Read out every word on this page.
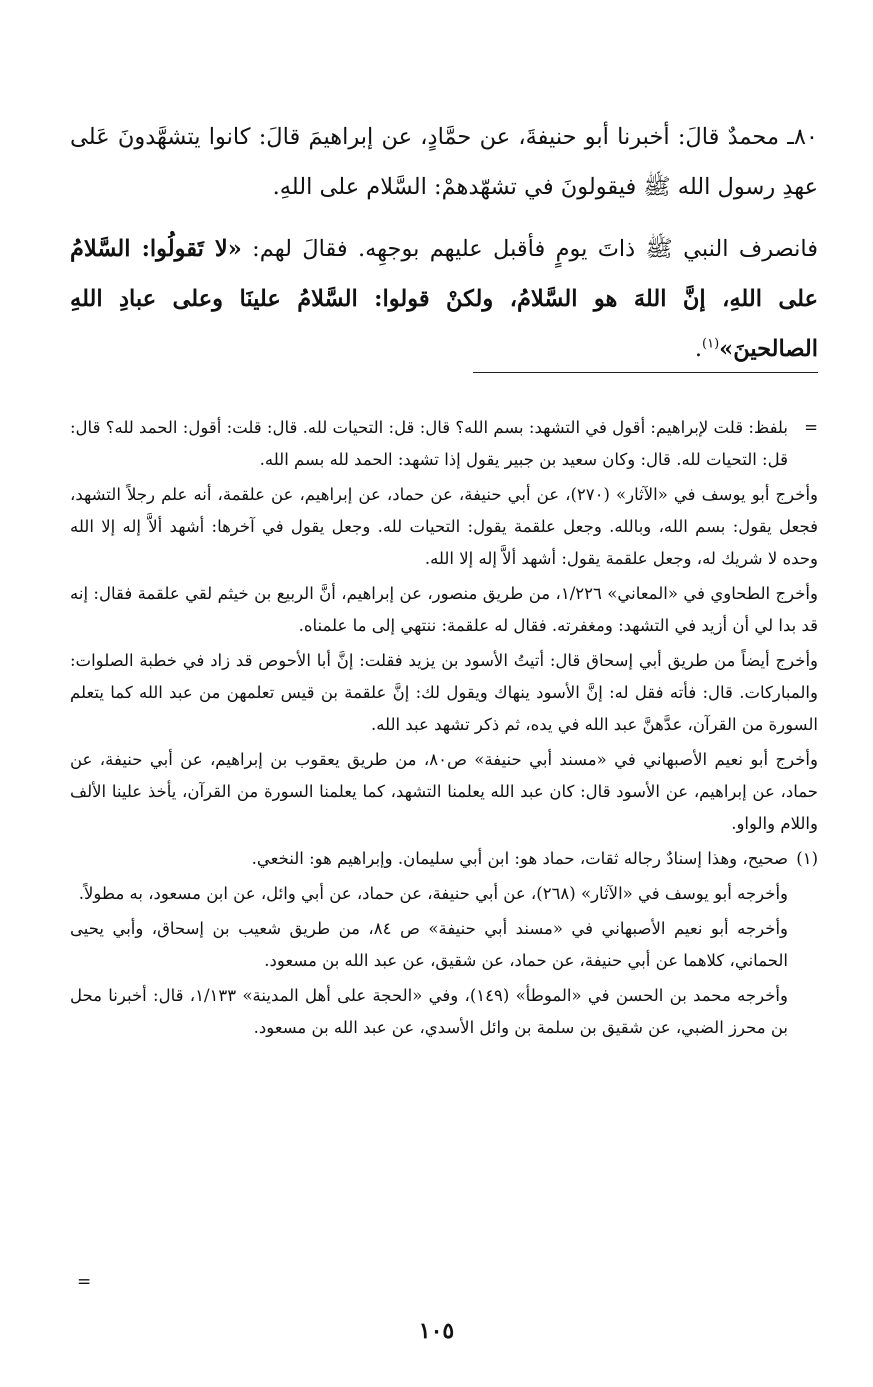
٨٠ـ محمدٌ قالَ: أخبرنا أبو حنيفةَ، عن حمَّادٍ، عن إبراهيمَ قالَ: كانوا يتشهَّدونَ عَلى عهدِ رسول الله ﷺ فيقولونَ في تشهّدهمْ: السَّلام على اللهِ.

فانصرف النبي ﷺ ذاتَ يومٍ فأقبل عليهم بوجهِه. فقالَ لهم: «لا تَقولُوا: السَّلامُ على اللهِ، إنَّ اللهَ هو السَّلامُ، ولكنْ قولوا: السَّلامُ علينَا وعلى عبادِ اللهِ الصالحينَ»$^{(١)}$.

=
بلفظ: قلت لإبراهيم: أقول في التشهد: بسم الله؟ قال: قل: التحيات لله. قال: قلت: أقول: الحمد لله؟ قال: قل: التحيات لله. قال: وكان سعيد بن جبير يقول إذا تشهد: الحمد لله بسم الله.

وأخرج أبو يوسف في «الآثار» (٢٧٠)، عن أبي حنيفة، عن حماد، عن إبراهيم، عن علقمة، أنه علم رجلاً التشهد، فجعل يقول: بسم الله، وبالله. وجعل علقمة يقول: التحيات لله. وجعل يقول في آخرها: أشهد ألاَّ إله إلا الله وحده لا شريك له، وجعل علقمة يقول: أشهد ألاَّ إله إلا الله.

وأخرج الطحاوي في «المعاني» ١/٢٢٦، من طريق منصور، عن إبراهيم، أنَّ الربيع بن خيثم لقي علقمة فقال: إنه قد بدا لي أن أزيد في التشهد: ومغفرته. فقال له علقمة: ننتهي إلى ما علمناه.

وأخرج أيضاً من طريق أبي إسحاق قال: أتيتُ الأسود بن يزيد فقلت: إنَّ أبا الأحوص قد زاد في خطبة الصلوات: والمباركات. قال: فأته فقل له: إنَّ الأسود ينهاك ويقول لك: إنَّ علقمة بن قيس تعلمهن من عبد الله كما يتعلم السورة من القرآن، عدَّهنَّ عبد الله في يده، ثم ذكر تشهد عبد الله.

وأخرج أبو نعيم الأصبهاني في «مسند أبي حنيفة» ص٨٠، من طريق يعقوب بن إبراهيم، عن أبي حنيفة، عن حماد، عن إبراهيم، عن الأسود قال: كان عبد الله يعلمنا التشهد، كما يعلمنا السورة من القرآن، يأخذ علينا الألف واللام والواو.

(١)
صحيح، وهذا إسنادٌ رجاله ثقات، حماد هو: ابن أبي سليمان. وإبراهيم هو: النخعي.

وأخرجه أبو يوسف في «الآثار» (٢٦٨)، عن أبي حنيفة، عن حماد، عن أبي وائل، عن ابن مسعود، به مطولاً.

وأخرجه أبو نعيم الأصبهاني في «مسند أبي حنيفة» ص ٨٤، من طريق شعيب بن إسحاق، وأبي يحيى الحماني، كلاهما عن أبي حنيفة، عن حماد، عن شقيق، عن عبد الله بن مسعود.

وأخرجه محمد بن الحسن في «الموطأ» (١٤٩)، وفي «الحجة على أهل المدينة» ١/١٣٣، قال: أخبرنا محل بن محرز الضبي، عن شقيق بن سلمة بن وائل الأسدي، عن عبد الله بن مسعود.

=
١٠٥
